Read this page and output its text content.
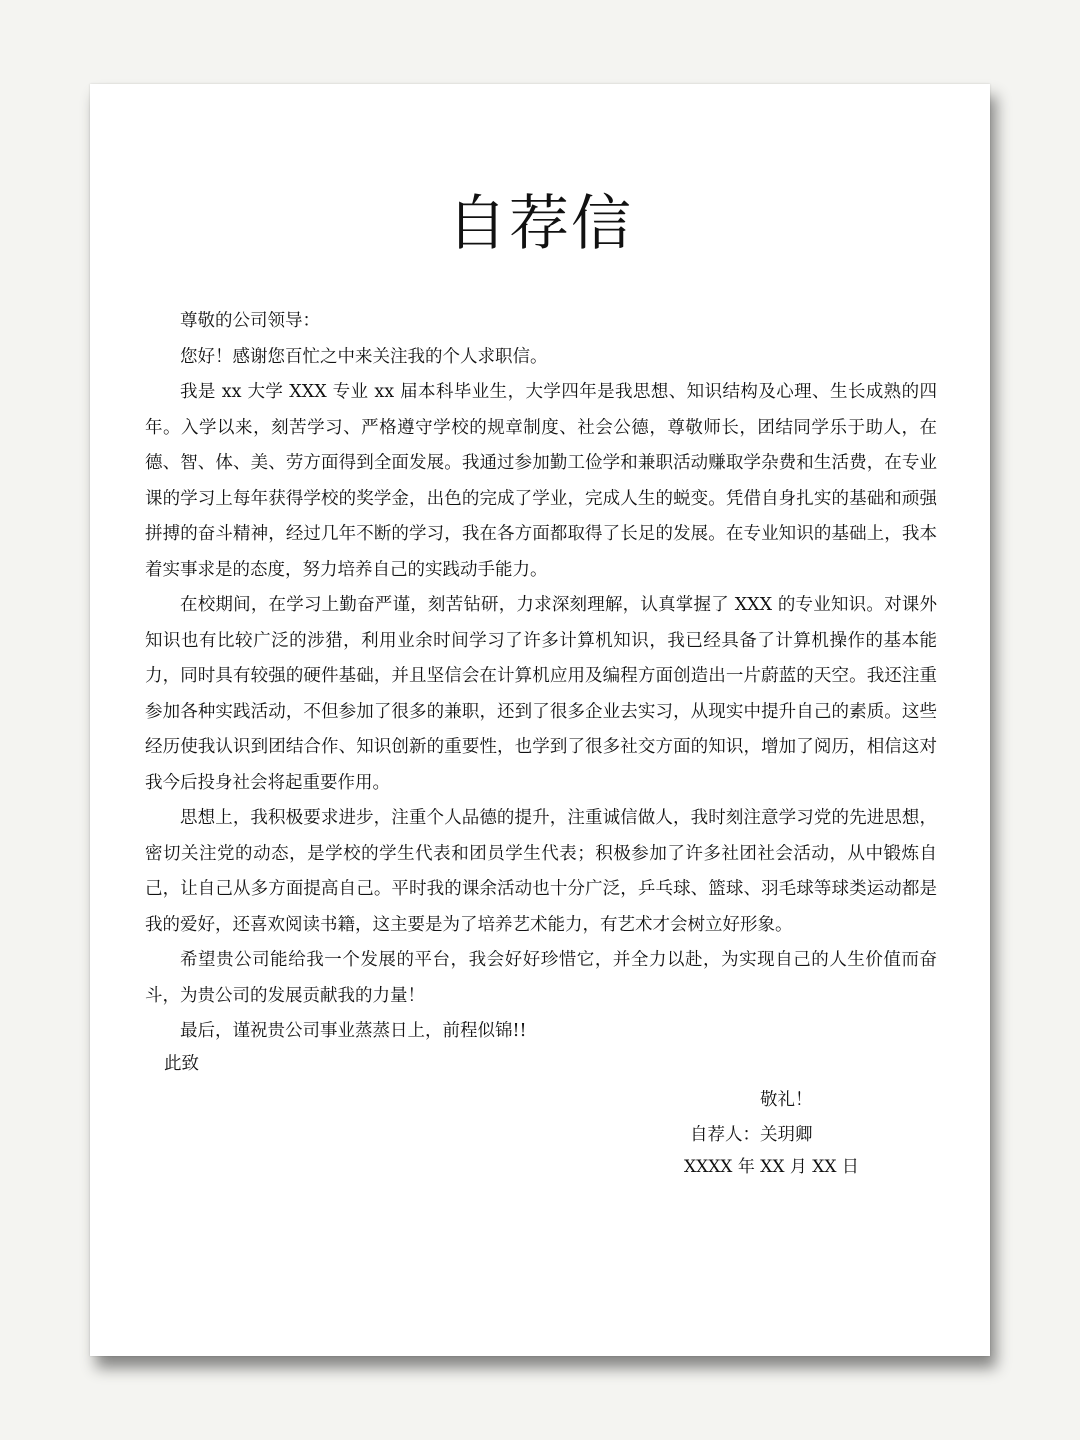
自荐信

尊敬的公司领导：

您好！感谢您百忙之中来关注我的个人求职信。

我是 xx 大学 XXX 专业 xx 届本科毕业生，大学四年是我思想、知识结构及心理、生长成熟的四年。入学以来，刻苦学习、严格遵守学校的规章制度、社会公德，尊敬师长，团结同学乐于助人，在德、智、体、美、劳方面得到全面发展。我通过参加勤工俭学和兼职活动赚取学杂费和生活费，在专业课的学习上每年获得学校的奖学金，出色的完成了学业，完成人生的蜕变。凭借自身扎实的基础和顽强拼搏的奋斗精神，经过几年不断的学习，我在各方面都取得了长足的发展。在专业知识的基础上，我本着实事求是的态度，努力培养自己的实践动手能力。

在校期间，在学习上勤奋严谨，刻苦钻研，力求深刻理解，认真掌握了 XXX 的专业知识。对课外知识也有比较广泛的涉猎，利用业余时间学习了许多计算机知识，我已经具备了计算机操作的基本能力，同时具有较强的硬件基础，并且坚信会在计算机应用及编程方面创造出一片蔚蓝的天空。我还注重参加各种实践活动，不但参加了很多的兼职，还到了很多企业去实习，从现实中提升自己的素质。这些经历使我认识到团结合作、知识创新的重要性，也学到了很多社交方面的知识，增加了阅历，相信这对我今后投身社会将起重要作用。

思想上，我积极要求进步，注重个人品德的提升，注重诚信做人，我时刻注意学习党的先进思想，密切关注党的动态，是学校的学生代表和团员学生代表；积极参加了许多社团社会活动，从中锻炼自己，让自己从多方面提高自己。平时我的课余活动也十分广泛，乒乓球、篮球、羽毛球等球类运动都是我的爱好，还喜欢阅读书籍，这主要是为了培养艺术能力，有艺术才会树立好形象。

希望贵公司能给我一个发展的平台，我会好好珍惜它，并全力以赴，为实现自己的人生价值而奋斗，为贵公司的发展贡献我的力量！

最后，谨祝贵公司事业蒸蒸日上，前程似锦!!

此致
敬礼！
自荐人：关玥卿
XXXX 年 XX 月 XX 日
